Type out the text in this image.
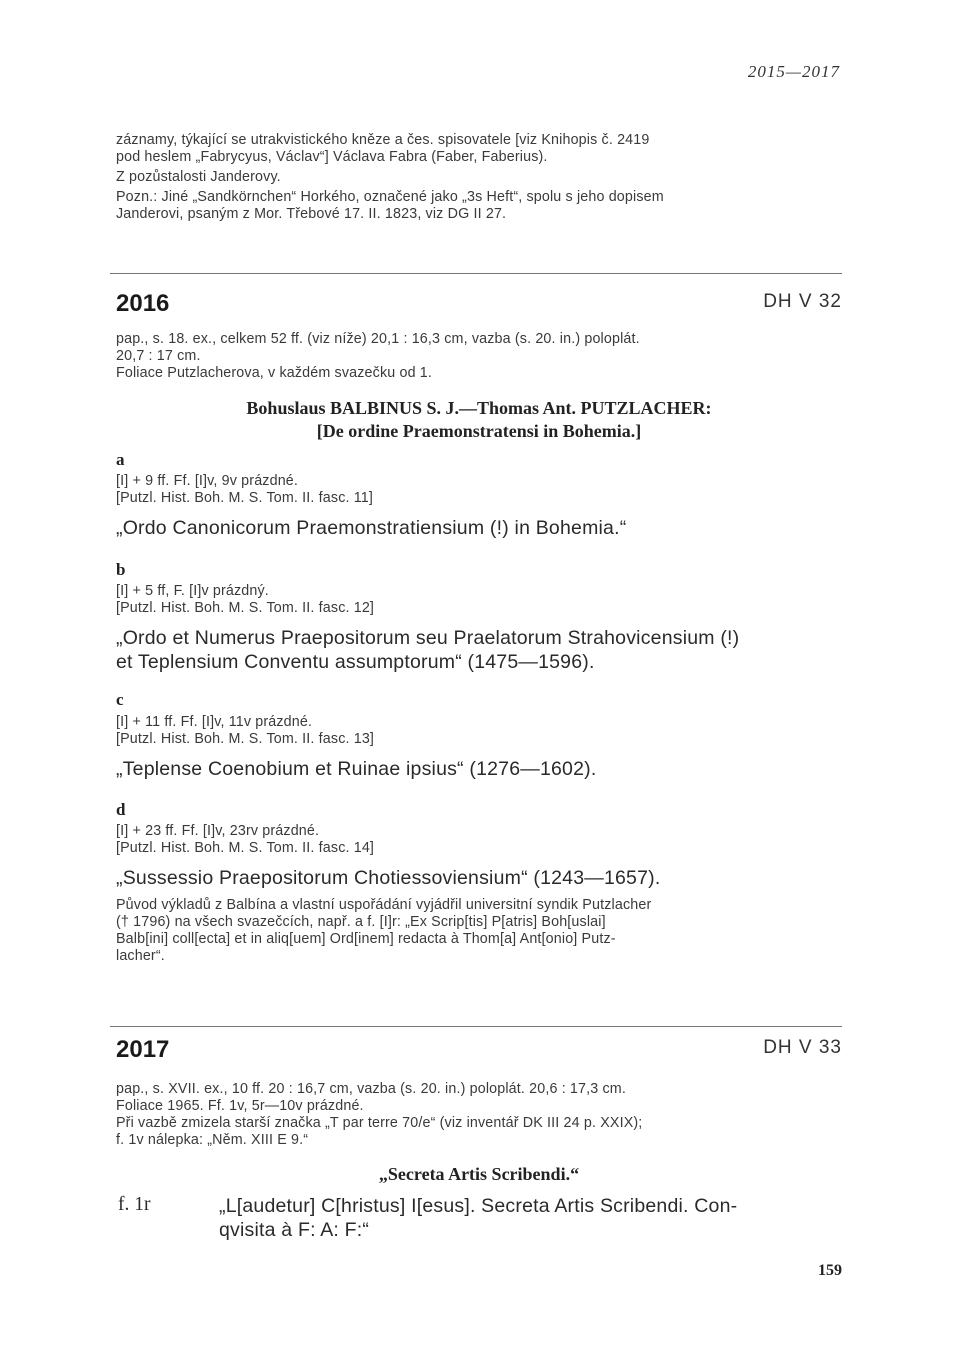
2015—2017

záznamy, týkající se utrakvistického kněze a čes. spisovatele [viz Knihopis č. 2419

pod heslem „Fabrycyus, Václav“] Václava Fabra (Faber, Faberius).

Z pozůstalosti Janderovy.

Pozn.: Jiné „Sandkörnchen“ Horkého, označené jako „3s Heft“, spolu s jeho dopisem

Janderovi, psaným z Mor. Třebové 17. II. 1823, viz DG II 27.

2016	DH V 32

pap., s. 18. ex., celkem 52 ff. (viz níže) 20,1 : 16,3 cm, vazba (s. 20. in.) poloplát.

20,7 : 17 cm.

Foliace Putzlacherova, v každém svazečku od 1.

Bohuslaus BALBINUS S. J.—Thomas Ant. PUTZLACHER:

[De ordine Praemonstratensi in Bohemia.]

a

[I] + 9 ff. Ff. [I]v, 9v prázdné.

[Putzl. Hist. Boh. M. S. Tom. II. fasc. 11]

„Ordo Canonicorum Praemonstratiensium (!) in Bohemia.“

b

[I] + 5 ff, F. [I]v prázdný.

[Putzl. Hist. Boh. M. S. Tom. II. fasc. 12]

„Ordo et Numerus Praepositorum seu Praelatorum Strahovicensium (!)

et Teplensium Conventu assumptorum“ (1475—1596).

c

[I] + 11 ff. Ff. [I]v, 11v prázdné.

[Putzl. Hist. Boh. M. S. Tom. II. fasc. 13]

„Teplense Coenobium et Ruinae ipsius“ (1276—1602).

d

[I] + 23 ff. Ff. [I]v, 23rv prázdné.

[Putzl. Hist. Boh. M. S. Tom. II. fasc. 14]

„Sussessio Praepositorum Chotiessoviensium“ (1243—1657).

Původ výkladů z Balbína a vlastní uspořádání vyjádřil universitní syndik Putzlacher

(† 1796) na všech svazečcích, např. a f. [I]r: „Ex Scrip[tis] P[atris] Boh[uslai]

Balb[ini] coll[ecta] et in aliq[uem] Ord[inem] redacta à Thom[a] Ant[onio] Putz-

lacher“.

2017	DH V 33

pap., s. XVII. ex., 10 ff. 20 : 16,7 cm, vazba (s. 20. in.) poloplát. 20,6 : 17,3 cm.

Foliace 1965. Ff. 1v, 5r—10v prázdné.

Při vazbě zmizela starší značka „T par terre 70/e“ (viz inventář DK III 24 p. XXIX);

f. 1v nálepka: „Něm. XIII E 9.“

„Secreta Artis Scribendi.“

f. 1r	„L[audetur] C[hristus] I[esus]. Secreta Artis Scribendi. Con-

qvisita à F: A: F:“

159
